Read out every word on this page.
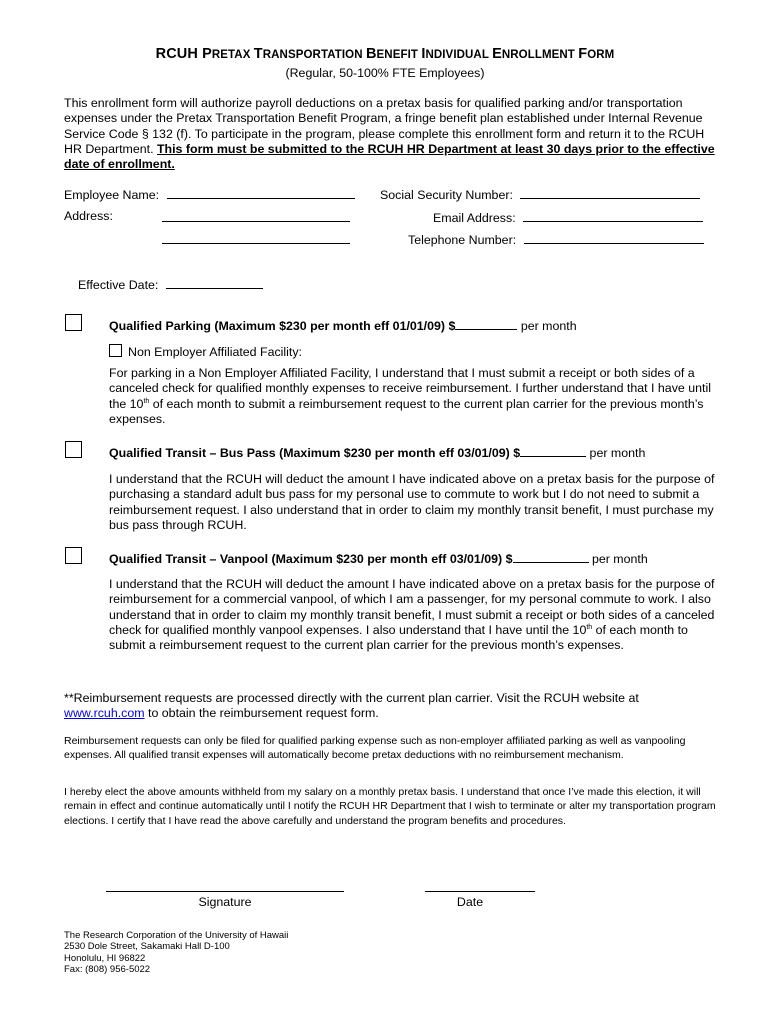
RCUH PRETAX TRANSPORTATION BENEFIT INDIVIDUAL ENROLLMENT FORM
(Regular, 50-100% FTE Employees)
This enrollment form will authorize payroll deductions on a pretax basis for qualified parking and/or transportation expenses under the Pretax Transportation Benefit Program, a fringe benefit plan established under Internal Revenue Service Code § 132 (f). To participate in the program, please complete this enrollment form and return it to the RCUH HR Department. This form must be submitted to the RCUH HR Department at least 30 days prior to the effective date of enrollment.
Employee Name:	Social Security Number:
Address:	Email Address:
Telephone Number:
Effective Date:
Qualified Parking (Maximum $230 per month eff 01/01/09) $	per month
Non Employer Affiliated Facility:
For parking in a Non Employer Affiliated Facility, I understand that I must submit a receipt or both sides of a canceled check for qualified monthly expenses to receive reimbursement. I further understand that I have until the 10th of each month to submit a reimbursement request to the current plan carrier for the previous month’s expenses.
Qualified Transit – Bus Pass (Maximum $230 per month eff 03/01/09) $	per month
I understand that the RCUH will deduct the amount I have indicated above on a pretax basis for the purpose of purchasing a standard adult bus pass for my personal use to commute to work but I do not need to submit a reimbursement request. I also understand that in order to claim my monthly transit benefit, I must purchase my bus pass through RCUH.
Qualified Transit – Vanpool (Maximum $230 per month eff 03/01/09) $	per month
I understand that the RCUH will deduct the amount I have indicated above on a pretax basis for the purpose of reimbursement for a commercial vanpool, of which I am a passenger, for my personal commute to work. I also understand that in order to claim my monthly transit benefit, I must submit a receipt or both sides of a canceled check for qualified monthly vanpool expenses. I also understand that I have until the 10th of each month to submit a reimbursement request to the current plan carrier for the previous month’s expenses.
**Reimbursement requests are processed directly with the current plan carrier. Visit the RCUH website at www.rcuh.com to obtain the reimbursement request form.
Reimbursement requests can only be filed for qualified parking expense such as non-employer affiliated parking as well as vanpooling expenses. All qualified transit expenses will automatically become pretax deductions with no reimbursement mechanism.
I hereby elect the above amounts withheld from my salary on a monthly pretax basis. I understand that once I’ve made this election, it will remain in effect and continue automatically until I notify the RCUH HR Department that I wish to terminate or alter my transportation program elections. I certify that I have read the above carefully and understand the program benefits and procedures.
Signature	Date
The Research Corporation of the University of Hawaii
2530 Dole Street, Sakamaki Hall D-100
Honolulu, HI 96822
Fax: (808) 956-5022
